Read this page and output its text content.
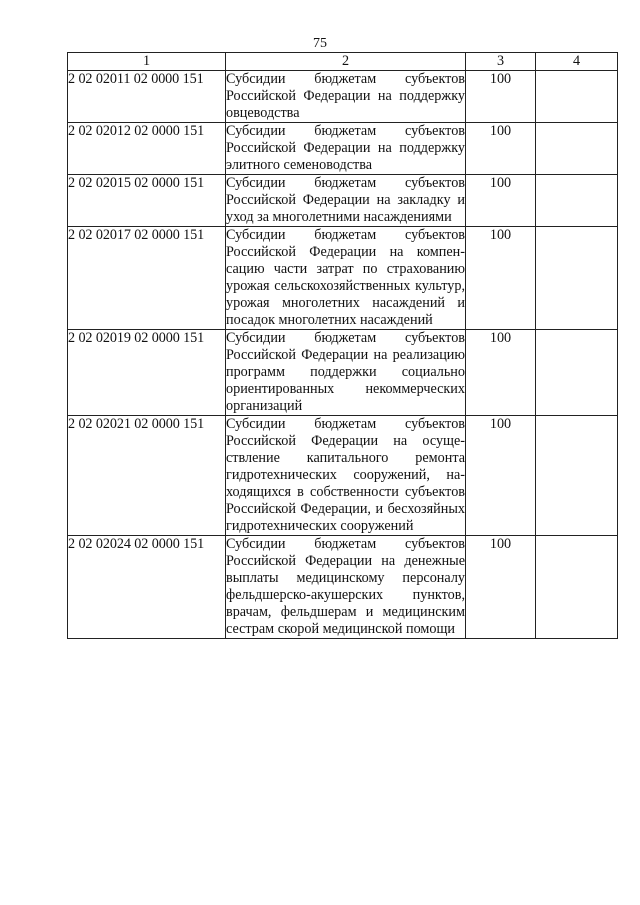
75
1	2	3	4
2 02 02011 02 0000 151	Субсидии бюджетам субъектов Российской Федерации на поддержку овцеводства	100	
2 02 02012 02 0000 151	Субсидии бюджетам субъектов Российской Федерации на поддержку элитного семеноводства	100	
2 02 02015 02 0000 151	Субсидии бюджетам субъектов Российской Федерации на закладку и уход за многолетними насаждениями	100	
2 02 02017 02 0000 151	Субсидии бюджетам субъектов Российской Федерации на компенсацию части затрат по страхованию урожая сельскохозяйственных культур, урожая многолетних насаждений и посадок многолетних насаждений	100	
2 02 02019 02 0000 151	Субсидии бюджетам субъектов Российской Федерации на реализацию программ поддержки социально ориентированных некоммерческих организаций	100	
2 02 02021 02 0000 151	Субсидии бюджетам субъектов Российской Федерации на осуществление капитального ремонта гидротехнических сооружений, находящихся в собственности субъектов Российской Федерации, и бесхозяйных гидротехнических сооружений	100	
2 02 02024 02 0000 151	Субсидии бюджетам субъектов Российской Федерации на денежные выплаты медицинскому персоналу фельдшерско-акушерских пунктов, врачам, фельдшерам и медицинским сестрам скорой медицинской помощи	100	
